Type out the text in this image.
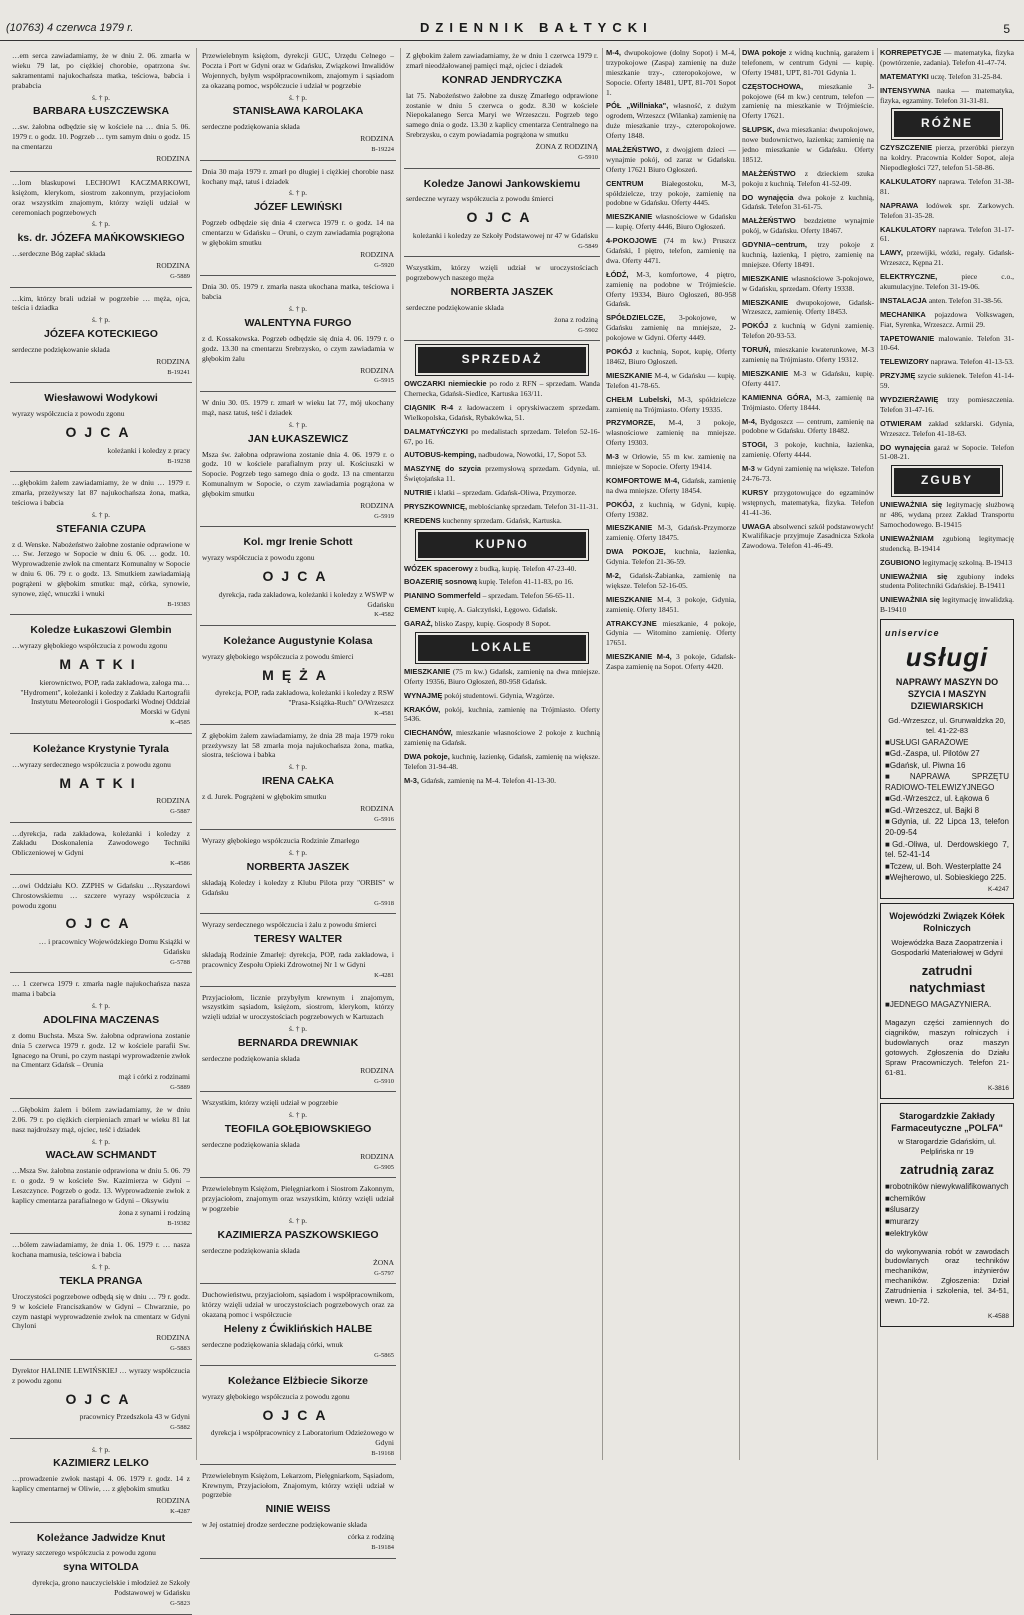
(10763) 4 czerwca 1979 r.	DZIENNIK BAŁTYCKI	5

…em serca zawiadamiamy, że w dniu 2. 06. zmarła w wieku 79 lat, po ciężkiej chorobie, opatrzona św. sakramentami najukochańsza matka, teściowa, babcia i prababcia

ś. † p.

BARBARA ŁUSZCZEWSKA

…sw. żałobna odbędzie się w kościele na … dnia 5. 06. 1979 r. o godz. 10. Pogrzeb … tym samym dniu o godz. 15 na cmentarzu

RODZINA

…lom blaskupowi LECHOWI KACZMARKOWI, księżom, klerykom, siostrom zakonnym, przyjaciołom oraz wszystkim znajomym, którzy wzięli udział w ceremoniach pogrzebowych

ś. † p.

ks. dr. JÓZEFA MAŃKOWSKIEGO

…serdeczne Bóg zapłać składa

RODZINA

G-5889

…kim, którzy brali udział w pogrzebie … męża, ojca, teścia i dziadka

ś. † p.

JÓZEFA KOTECKIEGO

serdeczne podziękowanie składa

RODZINA

B-19241
Wiesławowi Wodykowi

wyrazy współczucia z powodu zgonu

OJCA

koleżanki i koledzy z pracy

B-19238

…głębokim żalem zawiadamiamy, że w dniu … 1979 r. zmarła, przeżywszy lat 87 najukochańsza żona, matka, teściowa i babcia

ś. † p.

STEFANIA CZUPA

z d. Wenske. Nabożeństwo żałobne zostanie odprawione w … Sw. Jerzego w Sopocie w dniu 6. 06. … godz. 10. Wyprowadzenie zwłok na cmentarz Komunalny w Sopocie w dniu 6. 06. 79 r. o godz. 13. Smutkiem zawiadamiają pogrążeni w głębokim smutku: mąż, córka, synowie, synowe, zięć, wnuczki i wnuki

B-19383
Koledze Łukaszowi Glembin

…wyrazy głębokiego współczucia z powodu zgonu

MATKI

kierownictwo, POP, rada zakładowa, załoga ma… "Hydroment", koleżanki i koledzy z Zakładu Kartografii Instytutu Meteorologii i Gospodarki Wodnej Oddział Morski w Gdyni

K-4585
Koleżance Krystynie Tyrala

…wyrazy serdecznego współczucia z powodu zgonu

MATKI

RODZINA

G-5887

…dyrekcja, rada zakładowa, koleżanki i koledzy z Zakładu Doskonalenia Zawodowego Techniki Obliczeniowej w Gdyni

K-4586

…owi Oddziału KO. ZZPHS w Gdańsku …Ryszardowi Chrostowskiemu … szczere wyrazy współczucia z powodu zgonu

OJCA

… i pracownicy Wojewódzkiego Domu Książki w Gdańsku

G-5788

… 1 czerwca 1979 r. zmarła nagle najukochańsza nasza mama i babcia

ś. † p.

ADOLFINA MACZENAS

z domu Buchsta. Msza Sw. żałobna odprawiona zostanie dnia 5 czerwca 1979 r. godz. 12 w kościele parafii Sw. Ignacego na Oruni, po czym nastąpi wyprowadzenie zwłok na Cmentarz Gdańsk – Orunia

mąż i córki z rodzinami

G-5889

…Głębokim żalem i bólem zawiadamiamy, że w dniu 2.06. 79 r. po ciężkich cierpieniach zmarł w wieku 81 lat nasz najdroższy mąż, ojciec, teść i dziadek

ś. † p.

WACŁAW SCHMANDT

…Msza Sw. żałobna zostanie odprawiona w dniu 5. 06. 79 r. o godz. 9 w kościele Sw. Kazimierza w Gdyni – Leszczynce. Pogrzeb o godz. 13. Wyprowadzenie zwłok z kaplicy cmentarza parafialnego w Gdyni – Oksywiu

żona z synami i rodziną

B-19382

…bólem zawiadamiamy, że dnia 1. 06. 1979 r. … nasza kochana mamusia, teściowa i babcia

ś. † p.

TEKLA PRANGA

Uroczystości pogrzebowe odbędą się w dniu … 79 r. godz. 9 w kościele Franciszkanów w Gdyni – Chwarznie, po czym nastąpi wyprowadzenie zwłok na cmentarz w Gdyni Chyloni

RODZINA

G-5883

Dyrektor HALINIE LEWIŃSKIEJ … wyrazy współczucia z powodu zgonu

OJCA

pracownicy Przedszkola 43 w Gdyni

G-5882

ś. † p.

KAZIMIERZ LELKO

…prowadzenie zwłok nastąpi 4. 06. 1979 r. godz. 14 z kaplicy cmentarnej w Oliwie, … z głębokim smutku

RODZINA

K-4287
Koleżance Jadwidze Knut

wyrazy szczerego współczucia z powodu zgonu

syna WITOLDA

dyrekcja, grono nauczycielskie i młodzież ze Szkoły Podstawowej w Gdańsku

G-5823

Przewielebnym księżom, dyrekcji GUC, Urzędu Celnego – Poczta i Port w Gdyni oraz w Gdańsku, Związkowi Inwalidów Wojennych, byłym współpracownikom, znajomym i sąsiadom za okazaną pomoc, współczucie i udział w pogrzebie

ś. † p.

STANISŁAWA KAROLAKA

serdeczne podziękowania składa

RODZINA

B-19224

Dnia 30 maja 1979 r. zmarł po długiej i ciężkiej chorobie nasz kochany mąż, tatuś i dziadek

ś. † p.

JÓZEF LEWIŃSKI

Pogrzeb odbędzie się dnia 4 czerwca 1979 r. o godz. 14 na cmentarzu w Gdańsku – Oruni, o czym zawiadamia pogrążona w głębokim smutku

RODZINA

G-5920

Dnia 30. 05. 1979 r. zmarła nasza ukochana matka, teściowa i babcia

ś. † p.

WALENTYNA FURGO

z d. Kossakowska. Pogrzeb odbędzie się dnia 4. 06. 1979 r. o godz. 13.30 na cmentarzu Srebrzysko, o czym zawiadamia w głębokim żalu

RODZINA

G-5915

W dniu 30. 05. 1979 r. zmarł w wieku lat 77, mój ukochany mąż, nasz tatuś, teść i dziadek

ś. † p.

JAN ŁUKASZEWICZ

Msza św. żałobna odprawiona zostanie dnia 4. 06. 1979 r. o godz. 10 w kościele parafialnym przy ul. Kościuszki w Sopocie. Pogrzeb tego samego dnia o godz. 13 na cmentarzu Komunalnym w Sopocie, o czym zawiadamia pogrążona w głębokim smutku

RODZINA

G-5919
Kol. mgr Irenie Schott

wyrazy współczucia z powodu zgonu

OJCA

dyrekcja, rada zakładowa, koleżanki i koledzy z WSWP w Gdańsku

K-4582
Koleżance Augustynie Kolasa

wyrazy głębokiego współczucia z powodu śmierci

MĘŻA

dyrekcja, POP, rada zakładowa, koleżanki i koledzy z RSW "Prasa-Książka-Ruch" O/Wrzeszcz

K-4581

Z głębokim żalem zawiadamiamy, że dnia 28 maja 1979 roku przeżywszy lat 58 zmarła moja najukochańsza żona, matka, siostra, teściowa i babka

ś. † p.

IRENA CAŁKA

z d. Jurek. Pogrążeni w głębokim smutku

RODZINA

G-5916

Wyrazy głębokiego współczucia Rodzinie Zmarłego

ś. † p.

NORBERTA JASZEK

składają Koledzy i koledzy z Klubu Pilota przy "ORBIS" w Gdańsku

G-5918

Wyrazy serdecznego współczucia i żalu z powodu śmierci

TERESY WALTER

składają Rodzinie Zmarłej: dyrekcja, POP, rada zakładowa, i pracownicy Zespołu Opieki Zdrowotnej Nr 1 w Gdyni

K-4281

Przyjaciołom, licznie przybyłym krewnym i znajomym, wszystkim sąsiadom, księżom, siostrom, klerykom, którzy wzięli udział w uroczystościach pogrzebowych w Kartuzach

ś. † p.

BERNARDA DREWNIAK

serdeczne podziękowania składa

RODZINA

G-5910

Wszystkim, którzy wzięli udział w pogrzebie

ś. † p.

TEOFILA GOŁĘBIOWSKIEGO

serdeczne podziękowania składa

RODZINA

G-5905

Przewielebnym Księżom, Pielęgniarkom i Siostrom Zakonnym, przyjaciołom, znajomym oraz wszystkim, którzy wzięli udział w pogrzebie

ś. † p.

KAZIMIERZA PASZKOWSKIEGO

serdeczne podziękowania składa

ŻONA

G-5797

Duchowieństwu, przyjaciołom, sąsiadom i współpracownikom, którzy wzięli udział w uroczystościach pogrzebowych oraz za okazaną pomoc i współczucie

Heleny z Ćwiklińskich HALBE

serdeczne podziękowania składają córki, wnuk

G-5865
Koleżance Elżbiecie Sikorze

wyrazy głębokiego współczucia z powodu zgonu

OJCA

dyrekcja i współpracownicy z Laboratorium Odzieżowego w Gdyni

B-19168

Przewielebnym Księżom, Lekarzom, Pielęgniarkom, Sąsiadom, Krewnym, Przyjaciołom, Znajomym, którzy wzięli udział w pogrzebie

NINIE WEISS

w Jej ostatniej drodze serdeczne podziękowanie składa

córka z rodziną

B-19184

Z głębokim żalem zawiadamiamy, że w dniu 1 czerwca 1979 r. zmarł nieodżałowanej pamięci mąż, ojciec i dziadek

KONRAD JENDRYCZKA

lat 75. Nabożeństwo żałobne za duszę Zmarłego odprawione zostanie w dniu 5 czerwca o godz. 8.30 w kościele Niepokalanego Serca Maryi we Wrzeszczu. Pogrzeb tego samego dnia o godz. 13.30 z kaplicy cmentarza Centralnego na Srebrzysku, o czym powiadamia pogrążona w smutku

ŻONA Z RODZINĄ

G-5910
Koledze Janowi Jankowskiemu

serdeczne wyrazy współczucia z powodu śmierci

OJCA

koleżanki i koledzy ze Szkoły Podstawowej nr 47 w Gdańsku

G-5849

Wszystkim, którzy wzięli udział w uroczystościach pogrzebowych naszego męża

NORBERTA JASZEK

serdeczne podziękowanie składa

żona z rodziną

G-5902
SPRZEDAŻ
OWCZARKI niemieckie po rodo z RFN – sprzedam. Wanda Chernecka, Gdańsk-Siedlce, Kartuska 163/11.
CIĄGNIK R-4 z ładowaczem i opryskiwaczem sprzedam. Wielkopolska, Gdańsk, Rybakówka, 51.
DALMATYŃCZYKI po medalistach sprzedam. Telefon 52-16-67, po 16.
AUTOBUS-kemping, nadbudowa, Nowotki, 17, Sopot 53.
MASZYNĘ do szycia przemysłową sprzedam. Gdynia, ul. Świętojańska 11.
NUTRIE i klatki – sprzedam. Gdańsk-Oliwa, Przymorze.
PRYSZKOWNICĘ, meblościankę sprzedam. Telefon 31-11-31.
KREDENS kuchenny sprzedam. Gdańsk, Kartuska.
KUPNO
WÓZEK spacerowy z budką, kupię. Telefon 47-23-40.
BOAZERIĘ sosnową kupię. Telefon 41-11-83, po 16.
PIANINO Sommerfeld – sprzedam. Telefon 56-65-11.
CEMENT kupię, A. Gałczyński, Łęgowo. Gdańsk.
GARAŻ, blisko Zaspy, kupię. Gospody 8 Sopot.
LOKALE
MIESZKANIE (75 m kw.) Gdańsk, zamienię na dwa mniejsze. Oferty 19356, Biuro Ogłoszeń, 80-958 Gdańsk.
WYNAJMĘ pokój studentowi. Gdynia, Wzgórze.
KRAKÓW, pokój, kuchnia, zamienię na Trójmiasto. Oferty 5436.
CIECHANÓW, mieszkanie własnościowe 2 pokoje z kuchnią zamienię na Gdańsk.
DWA pokoje, kuchnię, łazienkę, Gdańsk, zamienię na większe. Telefon 31-94-48.
M-3, Gdańsk, zamienię na M-4. Telefon 41-13-30.
M-4, dwupokojowe (dolny Sopot) i M-4, trzypokojowe (Zaspa) zamienię na duże mieszkanie trzy-, czteropokojowe, w Sopocie. Oferty 18481, UPT, 81-701 Sopot 1.
PÓŁ „Willniaka", własność, z dużym ogrodem, Wrzeszcz (Wilanka) zamienię na duże mieszkanie trzy-, czteropokojowe. Oferty 1848.
MAŁŻEŃSTWO, z dwojgiem dzieci — wynajmie pokój, od zaraz w Gdańsku. Oferty 17621 Biuro Ogłoszeń.
CENTRUM Białegostoku, M-3, spółdzielcze, trzy pokoje, zamienię na podobne w Gdańsku. Oferty 4445.
MIESZKANIE własnościowe w Gdańsku — kupię. Oferty 4446, Biuro Ogłoszeń.
4-POKOJOWE (74 m kw.) Pruszcz Gdański, I piętro, telefon, zamienię na dwa. Oferty 4471.
ŁÓDŹ, M-3, komfortowe, 4 piętro, zamienię na podobne w Trójmieście. Oferty 19334, Biuro Ogłoszeń, 80-958 Gdańsk.
SPÓŁDZIELCZE, 3-pokojowe, w Gdańsku zamienię na mniejsze, 2-pokojowe w Gdyni. Oferty 4449.
POKÓJ z kuchnią, Sopot, kupię, Oferty 18462, Biuro Ogłoszeń.
MIESZKANIE M-4, w Gdańsku — kupię. Telefon 41-78-65.
CHEŁM Lubelski, M-3, spółdzielcze zamienię na Trójmiasto. Oferty 19335.
PRZYMORZE, M-4, 3 pokoje, własnościowe zamienię na mniejsze. Oferty 19303.
M-3 w Orłowie, 55 m kw. zamienię na mniejsze w Sopocie. Oferty 19414.
KOMFORTOWE M-4, Gdańsk, zamienię na dwa mniejsze. Oferty 18454.
POKÓJ, z kuchnią, w Gdyni, kupię. Oferty 19382.
MIESZKANIE M-3, Gdańsk-Przymorze zamienię. Oferty 18475.
DWA POKOJE, kuchnia, łazienka, Gdynia. Telefon 21-36-59.
M-2, Gdańsk-Żabianka, zamienię na większe. Telefon 52-16-05.
MIESZKANIE M-4, 3 pokoje, Gdynia, zamienię. Oferty 18451.
ATRAKCYJNE mieszkanie, 4 pokoje, Gdynia — Witomino zamienię. Oferty 17651.
MIESZKANIE M-4, 3 pokoje, Gdańsk-Zaspa zamienię na Sopot. Oferty 4420.
DWA pokoje z widną kuchnią, garażem i telefonem, w centrum Gdyni — kupię. Oferty 19481, UPT, 81-701 Gdynia 1.
CZĘSTOCHOWA, mieszkanie 3-pokojowe (64 m kw.) centrum, telefon — zamienię na mieszkanie w Trójmieście. Oferty 17621.
SŁUPSK, dwa mieszkania: dwupokojowe, nowe budownictwo, łazienka; zamienię na jedno mieszkanie w Gdańsku. Oferty 18512.
MAŁŻEŃSTWO z dzieckiem szuka pokoju z kuchnią. Telefon 41-52-09.
DO wynajęcia dwa pokoje z kuchnią, Gdańsk. Telefon 31-61-75.
MAŁŻEŃSTWO bezdzietne wynajmie pokój, w Gdańsku. Oferty 18467.
GDYNIA–centrum, trzy pokoje z kuchnią, łazienką, I piętro, zamienię na mniejsze. Oferty 18491.
MIESZKANIE własnościowe 3-pokojowe, w Gdańsku, sprzedam. Oferty 19338.
MIESZKANIE dwupokojowe, Gdańsk-Wrzeszcz, zamienię. Oferty 18453.
POKÓJ z kuchnią w Gdyni zamienię. Telefon 20-93-53.
TORUŃ, mieszkanie kwaterunkowe, M-3 zamienię na Trójmiasto. Oferty 19312.
MIESZKANIE M-3 w Gdańsku, kupię. Oferty 4417.
KAMIENNA GÓRA, M-3, zamienię na Trójmiasto. Oferty 18444.
M-4, Bydgoszcz — centrum, zamienię na podobne w Gdańsku. Oferty 18482.
STOGI, 3 pokoje, kuchnia, łazienka, zamienię. Oferty 4444.
M-3 w Gdyni zamienię na większe. Telefon 24-76-73.
KURSY przygotowujące do egzaminów wstępnych, matematyka, fizyka. Telefon 41-41-36.
UWAGA absolwenci szkół podstawowych! Kwalifikacje przyjmuje Zasadnicza Szkoła Zawodowa. Telefon 41-46-49.
KORREPETYCJE — matematyka, fizyka (powtórzenie, zadania). Telefon 41-47-74.
MATEMATYKI uczę. Telefon 31-25-84.
INTENSYWNA nauka — matematyka, fizyka, egzaminy. Telefon 31-31-81.
RÓŻNE
CZYSZCZENIE pierza, przeróbki pierzyn na kołdry. Pracownia Kolder Sopot, aleja Niepodległości 727, telefon 51-58-86.
KALKULATORY naprawa. Telefon 31-38-81.
NAPRAWA lodówek spr. Zarkowych. Telefon 31-35-28.
KALKULATORY naprawa. Telefon 31-17-61.
LAWY, przewijki, wózki, regały. Gdańsk-Wrzeszcz, Kępna 21.
ELEKTRYCZNE,	piece c.o., akumulacyjne. Telefon 31-19-06.
INSTALACJA anten. Telefon 31-38-56.
MECHANIKA pojazdowa Volkswagen, Fiat, Syrenka, Wrzeszcz. Armii 29.
TAPETOWANIE malowanie. Telefon 31-10-64.
TELEWIZORY naprawa. Telefon 41-13-53.
PRZYJMĘ szycie sukienek. Telefon 41-14-59.
WYDZIERŻAWIĘ trzy pomieszczenia. Telefon 31-47-16.
OTWIERAM zakład szklarski. Gdynia, Wrzeszcz. Telefon 41-18-63.
DO wynajęcia garaż w Sopocie. Telefon 51-08-21.
ZGUBY
UNIEWAŻNIA się legitymację służbową nr 486, wydaną przez Zakład Transportu Samochodowego. B-19415
UNIEWAŻNIAM zgubioną legitymację studencką. B-19414
ZGUBIONO legitymację szkolną. B-19413
UNIEWAŻNIA się zgubiony indeks studenta Politechniki Gdańskiej. B-19411
UNIEWAŻNIA się legitymację inwalidzką. B-19410
uniservice
usługi
NAPRAWY MASZYN DO SZYCIA I MASZYN DZIEWIARSKICH
Gd.-Wrzeszcz, ul. Grunwaldzka 20, tel. 41-22-83
■ USŁUGI GARAŻOWE
■ Gd.-Zaspa, ul. Pilotów 27
■ Gdańsk, ul. Piwna 16
■ NAPRAWA SPRZĘTU RADIOWO-TELEWIZYJNEGO
■ Gd.-Wrzeszcz, ul. Łąkowa 6
■ Gd.-Wrzeszcz, ul. Bajki 8
■ Gdynia, ul. 22 Lipca 13, telefon 20-09-54
■ Gd.-Oliwa, ul. Derdowskiego 7, tel. 52-41-14
■ Tczew, ul. Boh. Westerplatte 24
■ Wejherowo, ul. Sobieskiego 225.
K-4247
Wojewódzki Związek Kółek Rolniczych
Wojewódzka Baza Zaopatrzenia i Gospodarki Materiałowej w Gdyni
zatrudni natychmiast
■ JEDNEGO MAGAZYNIERA.

Magazyn części zamiennych do ciągników, maszyn rolniczych i budowlanych oraz maszyn gotowych. Zgłoszenia do Działu Spraw Pracowniczych. Telefon 21-61-81.

K-3816
Starogardzkie Zakłady Farmaceutyczne „POLFA"
w Starogardzie Gdańskim, ul. Pelplińska nr 19
zatrudnią zaraz
■ robotników niewykwalifikowanych
■ chemików
■ ślusarzy
■ murarzy
■ elektryków

do wykonywania robót w zawodach budowlanych oraz techników mechaników, inżynierów mechaników. Zgłoszenia: Dział Zatrudnienia i szkolenia, tel. 34-51, wewn. 10-72.

K-4588
